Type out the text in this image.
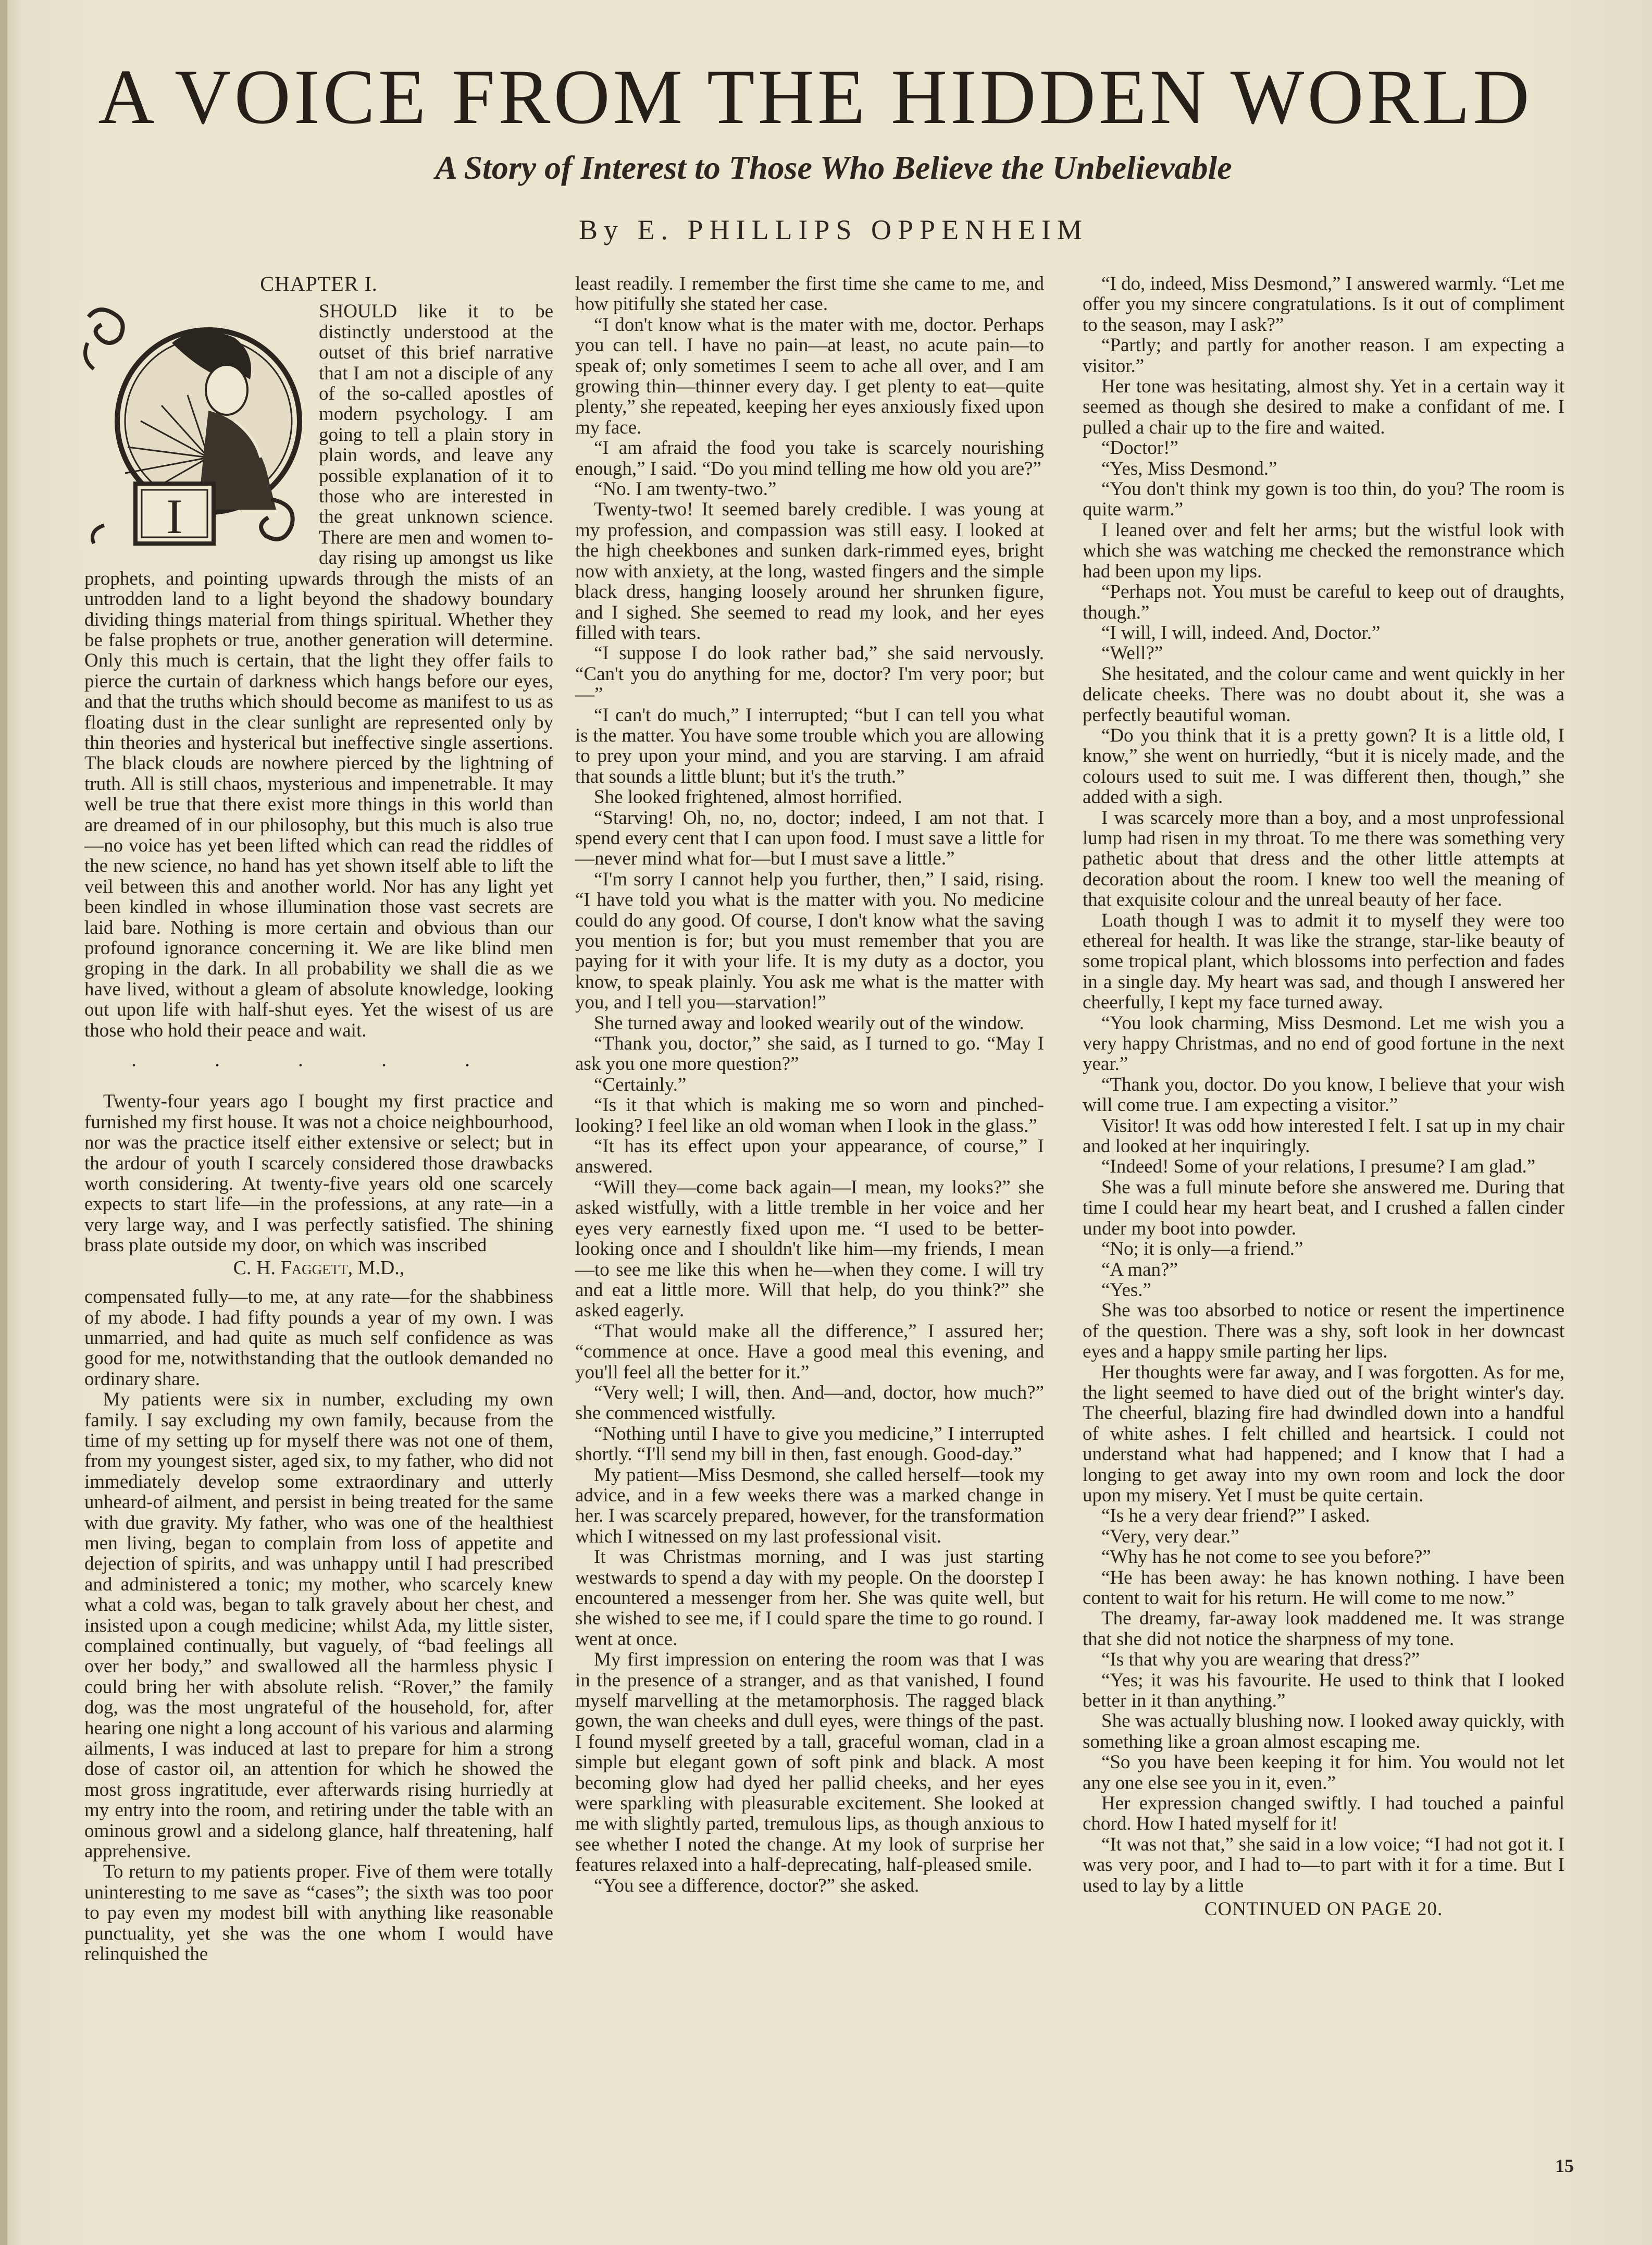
A VOICE FROM THE HIDDEN WORLD
A Story of Interest to Those Who Believe the Unbelievable
By E. PHILLIPS OPPENHEIM
CHAPTER I.
I

SHOULD like it to be distinctly understood at the outset of this brief narrative that I am not a disciple of any of the so-called apostles of modern psychology. I am going to tell a plain story in plain words, and leave any possible explanation of it to those who are interested in the great unknown science. There are men and women to-day rising up amongst us like prophets, and pointing upwards through the mists of an untrodden land to a light beyond the shadowy boundary dividing things material from things spiritual. Whether they be false prophets or true, another generation will determine. Only this much is certain, that the light they offer fails to pierce the curtain of darkness which hangs before our eyes, and that the truths which should become as manifest to us as floating dust in the clear sunlight are represented only by thin theories and hysterical but ineffective single assertions. The black clouds are nowhere pierced by the lightning of truth. All is still chaos, mysterious and impenetrable. It may well be true that there exist more things in this world than are dreamed of in our philosophy, but this much is also true—no voice has yet been lifted which can read the riddles of the new science, no hand has yet shown itself able to lift the veil between this and another world. Nor has any light yet been kindled in whose illumination those vast secrets are laid bare. Nothing is more certain and obvious than our profound ignorance concerning it. We are like blind men groping in the dark. In all probability we shall die as we have lived, without a gleam of absolute knowledge, looking out upon life with half-shut eyes. Yet the wisest of us are those who hold their peace and wait.

. . . . .

Twenty-four years ago I bought my first practice and furnished my first house. It was not a choice neighbourhood, nor was the practice itself either extensive or select; but in the ardour of youth I scarcely considered those drawbacks worth considering. At twenty-five years old one scarcely expects to start life—in the professions, at any rate—in a very large way, and I was perfectly satisfied. The shining brass plate outside my door, on which was inscribed

C. H. Faggett, M.D.,

compensated fully—to me, at any rate—for the shabbiness of my abode. I had fifty pounds a year of my own. I was unmarried, and had quite as much self confidence as was good for me, notwithstanding that the outlook demanded no ordinary share.

My patients were six in number, excluding my own family. I say excluding my own family, because from the time of my setting up for myself there was not one of them, from my youngest sister, aged six, to my father, who did not immediately develop some extraordinary and utterly unheard-of ailment, and persist in being treated for the same with due gravity. My father, who was one of the healthiest men living, began to complain from loss of appetite and dejection of spirits, and was unhappy until I had prescribed and administered a tonic; my mother, who scarcely knew what a cold was, began to talk gravely about her chest, and insisted upon a cough medicine; whilst Ada, my little sister, complained continually, but vaguely, of “bad feelings all over her body,” and swallowed all the harmless physic I could bring her with absolute relish. “Rover,” the family dog, was the most ungrateful of the household, for, after hearing one night a long account of his various and alarming ailments, I was induced at last to prepare for him a strong dose of castor oil, an attention for which he showed the most gross ingratitude, ever afterwards rising hurriedly at my entry into the room, and retiring under the table with an ominous growl and a sidelong glance, half threatening, half apprehensive.

To return to my patients proper. Five of them were totally uninteresting to me save as “cases”; the sixth was too poor to pay even my modest bill with anything like reasonable punctuality, yet she was the one whom I would have relinquished the

least readily. I remember the first time she came to me, and how pitifully she stated her case.

“I don't know what is the mater with me, doctor. Perhaps you can tell. I have no pain—at least, no acute pain—to speak of; only sometimes I seem to ache all over, and I am growing thin—thinner every day. I get plenty to eat—quite plenty,” she repeated, keeping her eyes anxiously fixed upon my face.

“I am afraid the food you take is scarcely nourishing enough,” I said. “Do you mind telling me how old you are?”

“No. I am twenty-two.”

Twenty-two! It seemed barely credible. I was young at my profession, and compassion was still easy. I looked at the high cheekbones and sunken dark-rimmed eyes, bright now with anxiety, at the long, wasted fingers and the simple black dress, hanging loosely around her shrunken figure, and I sighed. She seemed to read my look, and her eyes filled with tears.

“I suppose I do look rather bad,” she said nervously. “Can't you do anything for me, doctor? I'm very poor; but—”

“I can't do much,” I interrupted; “but I can tell you what is the matter. You have some trouble which you are allowing to prey upon your mind, and you are starving. I am afraid that sounds a little blunt; but it's the truth.”

She looked frightened, almost horrified.

“Starving! Oh, no, no, doctor; indeed, I am not that. I spend every cent that I can upon food. I must save a little for—never mind what for—but I must save a little.”

“I'm sorry I cannot help you further, then,” I said, rising. “I have told you what is the matter with you. No medicine could do any good. Of course, I don't know what the saving you mention is for; but you must remember that you are paying for it with your life. It is my duty as a doctor, you know, to speak plainly. You ask me what is the matter with you, and I tell you—starvation!”

She turned away and looked wearily out of the window.

“Thank you, doctor,” she said, as I turned to go. “May I ask you one more question?”

“Certainly.”

“Is it that which is making me so worn and pinched-looking? I feel like an old woman when I look in the glass.”

“It has its effect upon your appearance, of course,” I answered.

“Will they—come back again—I mean, my looks?” she asked wistfully, with a little tremble in her voice and her eyes very earnestly fixed upon me. “I used to be better-looking once and I shouldn't like him—my friends, I mean—to see me like this when he—when they come. I will try and eat a little more. Will that help, do you think?” she asked eagerly.

“That would make all the difference,” I assured her; “commence at once. Have a good meal this evening, and you'll feel all the better for it.”

“Very well; I will, then. And—and, doctor, how much?” she commenced wistfully.

“Nothing until I have to give you medicine,” I interrupted shortly. “I'll send my bill in then, fast enough. Good-day.”

My patient—Miss Desmond, she called herself—took my advice, and in a few weeks there was a marked change in her. I was scarcely prepared, however, for the transformation which I witnessed on my last professional visit.

It was Christmas morning, and I was just starting westwards to spend a day with my people. On the doorstep I encountered a messenger from her. She was quite well, but she wished to see me, if I could spare the time to go round. I went at once.

My first impression on entering the room was that I was in the presence of a stranger, and as that vanished, I found myself marvelling at the metamorphosis. The ragged black gown, the wan cheeks and dull eyes, were things of the past. I found myself greeted by a tall, graceful woman, clad in a simple but elegant gown of soft pink and black. A most becoming glow had dyed her pallid cheeks, and her eyes were sparkling with pleasurable excitement. She looked at me with slightly parted, tremulous lips, as though anxious to see whether I noted the change. At my look of surprise her features relaxed into a half-deprecating, half-pleased smile.

“You see a difference, doctor?” she asked.

“I do, indeed, Miss Desmond,” I answered warmly. “Let me offer you my sincere congratulations. Is it out of compliment to the season, may I ask?”

“Partly; and partly for another reason. I am expecting a visitor.”

Her tone was hesitating, almost shy. Yet in a certain way it seemed as though she desired to make a confidant of me. I pulled a chair up to the fire and waited.

“Doctor!”

“Yes, Miss Desmond.”

“You don't think my gown is too thin, do you? The room is quite warm.”

I leaned over and felt her arms; but the wistful look with which she was watching me checked the remonstrance which had been upon my lips.

“Perhaps not. You must be careful to keep out of draughts, though.”

“I will, I will, indeed. And, Doctor.”

“Well?”

She hesitated, and the colour came and went quickly in her delicate cheeks. There was no doubt about it, she was a perfectly beautiful woman.

“Do you think that it is a pretty gown? It is a little old, I know,” she went on hurriedly, “but it is nicely made, and the colours used to suit me. I was different then, though,” she added with a sigh.

I was scarcely more than a boy, and a most unprofessional lump had risen in my throat. To me there was something very pathetic about that dress and the other little attempts at decoration about the room. I knew too well the meaning of that exquisite colour and the unreal beauty of her face.

Loath though I was to admit it to myself they were too ethereal for health. It was like the strange, star-like beauty of some tropical plant, which blossoms into perfection and fades in a single day. My heart was sad, and though I answered her cheerfully, I kept my face turned away.

“You look charming, Miss Desmond. Let me wish you a very happy Christmas, and no end of good fortune in the next year.”

“Thank you, doctor. Do you know, I believe that your wish will come true. I am expecting a visitor.”

Visitor! It was odd how interested I felt. I sat up in my chair and looked at her inquiringly.

“Indeed! Some of your relations, I presume? I am glad.”

She was a full minute before she answered me. During that time I could hear my heart beat, and I crushed a fallen cinder under my boot into powder.

“No; it is only—a friend.”

“A man?”

“Yes.”

She was too absorbed to notice or resent the impertinence of the question. There was a shy, soft look in her downcast eyes and a happy smile parting her lips.

Her thoughts were far away, and I was forgotten. As for me, the light seemed to have died out of the bright winter's day. The cheerful, blazing fire had dwindled down into a handful of white ashes. I felt chilled and heartsick. I could not understand what had happened; and I know that I had a longing to get away into my own room and lock the door upon my misery. Yet I must be quite certain.

“Is he a very dear friend?” I asked.

“Very, very dear.”

“Why has he not come to see you before?”

“He has been away: he has known nothing. I have been content to wait for his return. He will come to me now.”

The dreamy, far-away look maddened me. It was strange that she did not notice the sharpness of my tone.

“Is that why you are wearing that dress?”

“Yes; it was his favourite. He used to think that I looked better in it than anything.”

She was actually blushing now. I looked away quickly, with something like a groan almost escaping me.

“So you have been keeping it for him. You would not let any one else see you in it, even.”

Her expression changed swiftly. I had touched a painful chord. How I hated myself for it!

“It was not that,” she said in a low voice; “I had not got it. I was very poor, and I had to—to part with it for a time. But I used to lay by a little

CONTINUED ON PAGE 20.
15
